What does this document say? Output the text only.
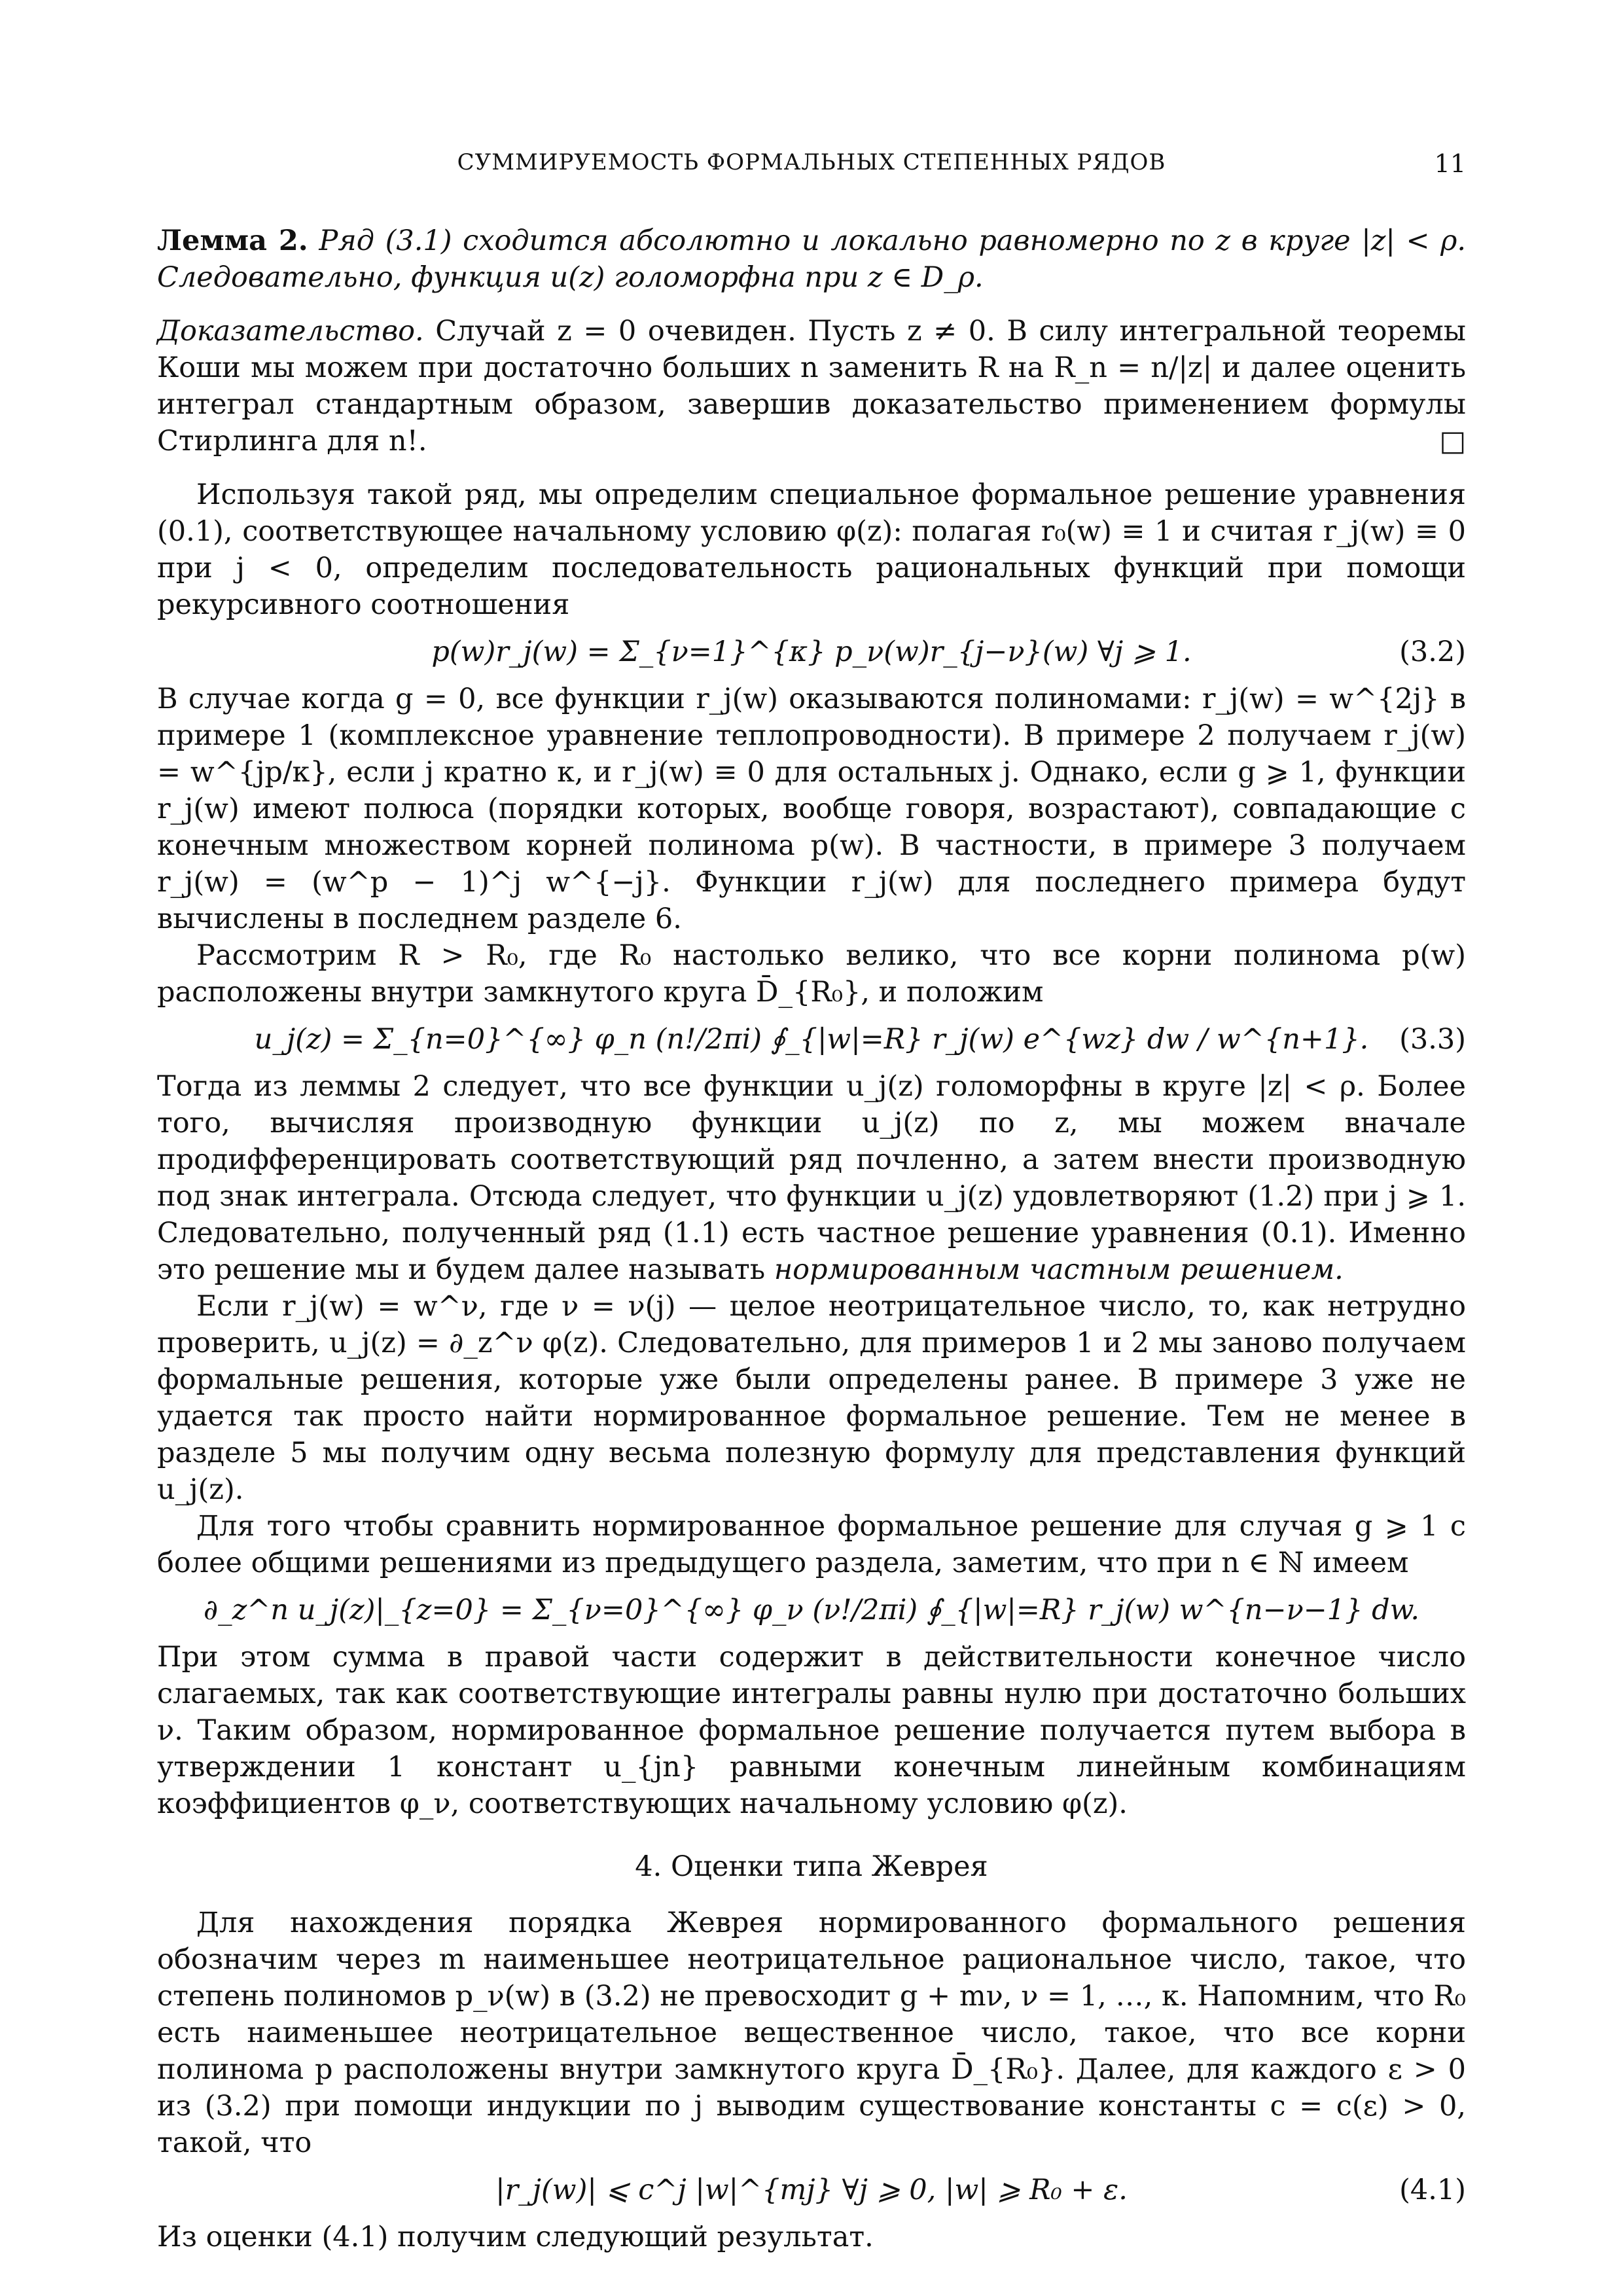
СУММИРУЕМОСТЬ ФОРМАЛЬНЫХ СТЕПЕННЫХ РЯДОВ	11

Лемма 2. Ряд (3.1) сходится абсолютно и локально равномерно по z в круге |z| < ρ. Следовательно, функция u(z) голоморфна при z ∈ D_ρ.

Доказательство. Случай z = 0 очевиден. Пусть z ≠ 0. В силу интегральной теоремы Коши мы можем при достаточно больших n заменить R на R_n = n/|z| и далее оценить интеграл стандартным образом, завершив доказательство применением формулы Стирлинга для n!.	□

Используя такой ряд, мы определим специальное формальное решение уравнения (0.1), соответствующее начальному условию φ(z): полагая r₀(w) ≡ 1 и считая r_j(w) ≡ 0 при j < 0, определим последовательность рациональных функций при помощи рекурсивного соотношения

p(w)r_j(w) = Σ_{ν=1}^{κ} p_ν(w)r_{j−ν}(w) ∀j ⩾ 1.	(3.2)

В случае когда g = 0, все функции r_j(w) оказываются полиномами: r_j(w) = w^{2j} в примере 1 (комплексное уравнение теплопроводности). В примере 2 получаем r_j(w) = w^{jp/κ}, если j кратно κ, и r_j(w) ≡ 0 для остальных j. Однако, если g ⩾ 1, функции r_j(w) имеют полюса (порядки которых, вообще говоря, возрастают), совпадающие с конечным множеством корней полинома p(w). В частности, в примере 3 получаем r_j(w) = (w^p − 1)^j w^{−j}. Функции r_j(w) для последнего примера будут вычислены в последнем разделе 6.

Рассмотрим R > R₀, где R₀ настолько велико, что все корни полинома p(w) расположены внутри замкнутого круга D̄_{R₀}, и положим

u_j(z) = Σ_{n=0}^{∞} φ_n (n!/2πi) ∮_{|w|=R} r_j(w) e^{wz} dw / w^{n+1}. (3.3)

Тогда из леммы 2 следует, что все функции u_j(z) голоморфны в круге |z| < ρ. Более того, вычисляя производную функции u_j(z) по z, мы можем вначале продифференцировать соответствующий ряд почленно, а затем внести производную под знак интеграла. Отсюда следует, что функции u_j(z) удовлетворяют (1.2) при j ⩾ 1. Следовательно, полученный ряд (1.1) есть частное решение уравнения (0.1). Именно это решение мы и будем далее называть нормированным частным решением.

Если r_j(w) = w^ν, где ν = ν(j) — целое неотрицательное число, то, как нетрудно проверить, u_j(z) = ∂_z^ν φ(z). Следовательно, для примеров 1 и 2 мы заново получаем формальные решения, которые уже были определены ранее. В примере 3 уже не удается так просто найти нормированное формальное решение. Тем не менее в разделе 5 мы получим одну весьма полезную формулу для представления функций u_j(z).

Для того чтобы сравнить нормированное формальное решение для случая g ⩾ 1 с более общими решениями из предыдущего раздела, заметим, что при n ∈ ℕ имеем

∂_z^n u_j(z)|_{z=0} = Σ_{ν=0}^{∞} φ_ν (ν!/2πi) ∮_{|w|=R} r_j(w) w^{n−ν−1} dw.

При этом сумма в правой части содержит в действительности конечное число слагаемых, так как соответствующие интегралы равны нулю при достаточно больших ν. Таким образом, нормированное формальное решение получается путем выбора в утверждении 1 констант u_{jn} равными конечным линейным комбинациям коэффициентов φ_ν, соответствующих начальному условию φ(z).

4. Оценки типа Жеврея

Для нахождения порядка Жеврея нормированного формального решения обозначим через m наименьшее неотрицательное рациональное число, такое, что степень полиномов p_ν(w) в (3.2) не превосходит g + mν, ν = 1, …, κ. Напомним, что R₀ есть наименьшее неотрицательное вещественное число, такое, что все корни полинома p расположены внутри замкнутого круга D̄_{R₀}. Далее, для каждого ε > 0 из (3.2) при помощи индукции по j выводим существование константы c = c(ε) > 0, такой, что

|r_j(w)| ⩽ c^j |w|^{mj} ∀j ⩾ 0, |w| ⩾ R₀ + ε.	(4.1)

Из оценки (4.1) получим следующий результат.
